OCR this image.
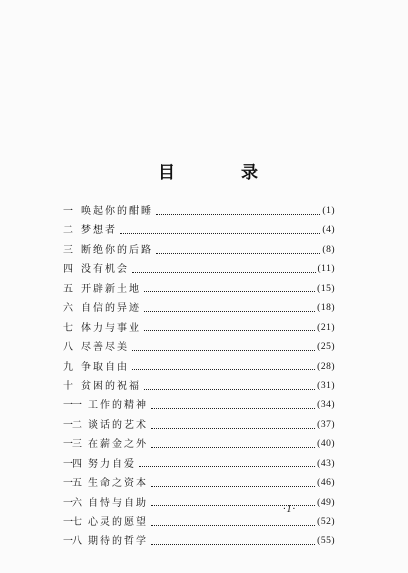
目	录
一 唤起你的酣睡	(1)
二 梦想者	(4)
三 断绝你的后路	(8)
四 没有机会	(11)
五 开辟新土地	(15)
六 自信的异迹	(18)
七 体力与事业	(21)
八 尽善尽美	(25)
九 争取自由	(28)
十 贫困的祝福	(31)
一一 工作的精神	(34)
一二 谈话的艺术	(37)
一三 在薪金之外	(40)
一四 努力自爱	(43)
一五 生命之资本	(46)
一六 自恃与自助	(49)
一七 心灵的愿望	(52)
一八 期待的哲学	(55)
·1·
